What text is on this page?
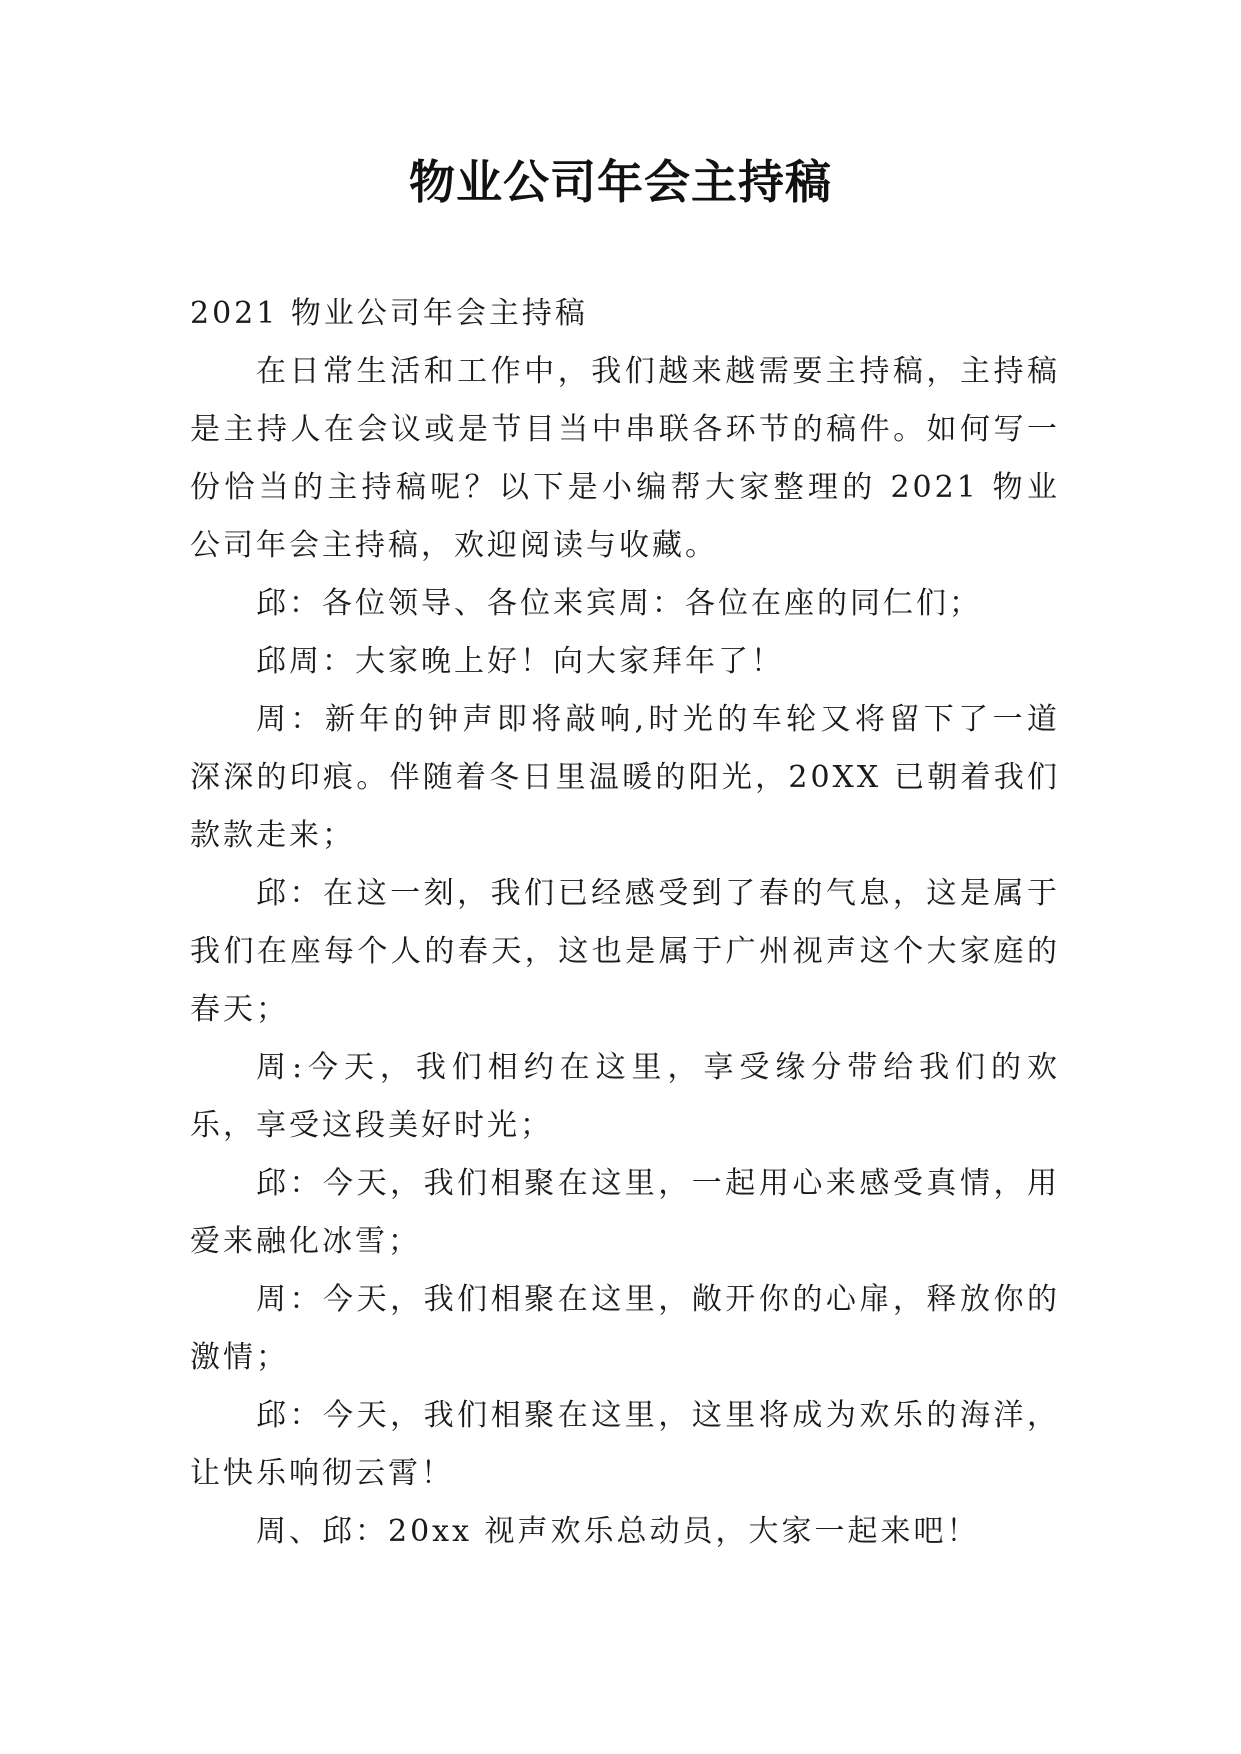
物业公司年会主持稿

2021 物业公司年会主持稿

在日常生活和工作中，我们越来越需要主持稿，主持稿是主持人在会议或是节目当中串联各环节的稿件。如何写一份恰当的主持稿呢？以下是小编帮大家整理的 2021 物业公司年会主持稿，欢迎阅读与收藏。

邱：各位领导、各位来宾周：各位在座的同仁们；

邱周：大家晚上好！向大家拜年了！

周：新年的钟声即将敲响,时光的车轮又将留下了一道深深的印痕。伴随着冬日里温暖的阳光，20XX 已朝着我们款款走来；

邱：在这一刻，我们已经感受到了春的气息，这是属于我们在座每个人的春天，这也是属于广州视声这个大家庭的春天；

周:今天，我们相约在这里，享受缘分带给我们的欢乐，享受这段美好时光；

邱：今天，我们相聚在这里，一起用心来感受真情，用爱来融化冰雪；

周：今天，我们相聚在这里，敞开你的心扉，释放你的激情；

邱：今天，我们相聚在这里，这里将成为欢乐的海洋，让快乐响彻云霄！

周、邱：20xx 视声欢乐总动员，大家一起来吧！
